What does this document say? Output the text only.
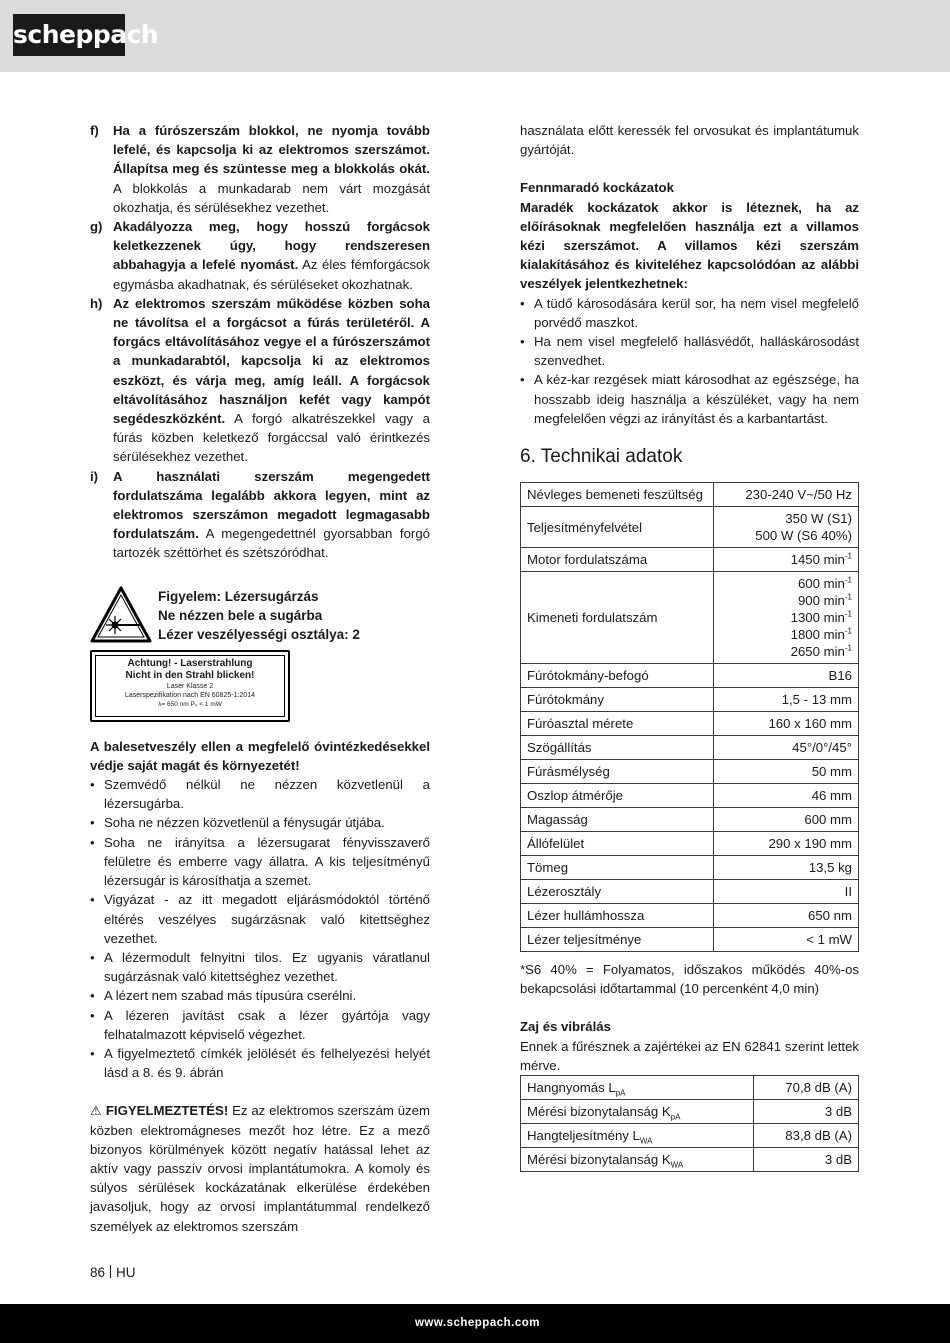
scheppach
f)	Ha a fúrószerszám blokkol, ne nyomja tovább lefelé, és kapcsolja ki az elektromos szerszámot. Állapítsa meg és szüntesse meg a blokkolás okát. A blokkolás a munkadarab nem várt mozgását okozhatja, és sérülésekhez vezethet.
g) Akadályozza meg, hogy hosszú forgácsok keletkezzenek úgy, hogy rendszeresen abbahagyja a lefelé nyomást. Az éles fémforgácsok egymásba akadhatnak, és sérüléseket okozhatnak.
h) Az elektromos szerszám működése közben soha ne távolítsa el a forgácsot a fúrás területéről. A forgács eltávolításához vegye el a fúrószerszámot a munkadarabtól, kapcsolja ki az elektromos eszközt, és várja meg, amíg leáll. A forgácsok eltávolításához használjon kefét vagy kampót segédeszközként. A forgó alkatrészekkel vagy a fúrás közben keletkező forgáccsal való érintkezés sérülésekhez vezethet.
i)	A használati szerszám megengedett fordulatszáma legalább akkora legyen, mint az elektromos szerszámon megadott legmagasabb fordulatszám. A megengedettnél gyorsabban forgó tartozék széttörhet és szétszóródhat.
Figyelem: Lézersugárzás
Ne nézzen bele a sugárba
Lézer veszélyességi osztálya: 2
Achtung! - Laserstrahlung
Nicht in den Strahl blicken!
Laser Klasse 2
Laserspezifikation nach EN 60825-1:2014
λ= 650 nm P₀ < 1 mW

A balesetveszély ellen a megfelelő óvintézkedésekkel védje saját magát és környezetét!

• Szemvédő nélkül ne nézzen közvetlenül a lézersugárba.
• Soha ne nézzen közvetlenül a fénysugár útjába.
• Soha ne irányítsa a lézersugarat fényvisszaverő felületre és emberre vagy állatra. A kis teljesítményű lézersugár is károsíthatja a szemet.
• Vigyázat - az itt megadott eljárásmódoktól történő eltérés veszélyes sugárzásnak való kitettséghez vezethet.
• A lézermodult felnyitni tilos. Ez ugyanis váratlanul sugárzásnak való kitettséghez vezethet.
• A lézert nem szabad más típusúra cserélni.
• A lézeren javítást csak a lézer gyártója vagy felhatalmazott képviselő végezhet.
• A figyelmeztető címkék jelölését és felhelyezési helyét lásd a 8. és 9. ábrán

⚠ FIGYELMEZTETÉS! Ez az elektromos szerszám üzem közben elektromágneses mezőt hoz létre. Ez a mező bizonyos körülmények között negatív hatással lehet az aktív vagy passzív orvosi implantátumokra. A komoly és súlyos sérülések kockázatának elkerülése érdekében javasoljuk, hogy az orvosi implantátummal rendelkező személyek az elektromos szerszám

használata előtt keressék fel orvosukat és implantátumuk gyártóját.

Fennmaradó kockázatok

Maradék kockázatok akkor is léteznek, ha az előírásoknak megfelelően használja ezt a villamos kézi szerszámot. A villamos kézi szerszám kialakításához és kiviteléhez kapcsolódóan az alábbi veszélyek jelentkezhetnek:

• A tüdő károsodására kerül sor, ha nem visel megfelelő porvédő maszkot.
• Ha nem visel megfelelő hallásvédőt, halláskárosodást szenvedhet.
• A kéz-kar rezgések miatt károsodhat az egészsége, ha hosszabb ideig használja a készüléket, vagy ha nem megfelelően végzi az irányítást és a karbantartást.
6. Technikai adatok
Névleges bemeneti feszültség	230-240 V~/50 Hz

Teljesítményfelvétel	350 W (S1)
500 W (S6 40%)

Motor fordulatszáma	1450 $\min^{-1}$

Kimeneti fordulatszám	600 $\min^{-1}$
900 $\min^{-1}$
1300 $\min^{-1}$
1800 $\min^{-1}$
2650 $\min^{-1}$

Fúrótokmány-befogó	B16

Fúrótokmány	1,5 - 13 mm

Fúróasztal mérete	160 x 160 mm

Szögállítás	45°/0°/45°

Fúrásmélység	50 mm

Oszlop átmérője	46 mm

Magasság	600 mm

Állófelület	290 x 190 mm

Tömeg	13,5 kg

Lézerosztály	II

Lézer hullámhossza	650 nm

Lézer teljesítménye	< 1 mW

*S6 40% = Folyamatos, időszakos működés 40%-os bekapcsolási időtartammal (10 percenként 4,0 min)

Zaj és vibrálás

Ennek a fűrésznek a zajértékei az EN 62841 szerint lettek mérve.

Hangnyomás $L_{pA}$	70,8 dB (A)
Mérési bizonytalanság $K_{pA}$	3 dB
Hangteljesítmény $L_{WA}$	83,8 dB (A)
Mérési bizonytalanság $K_{WA}$	3 dB
86 HU
www.scheppach.com
